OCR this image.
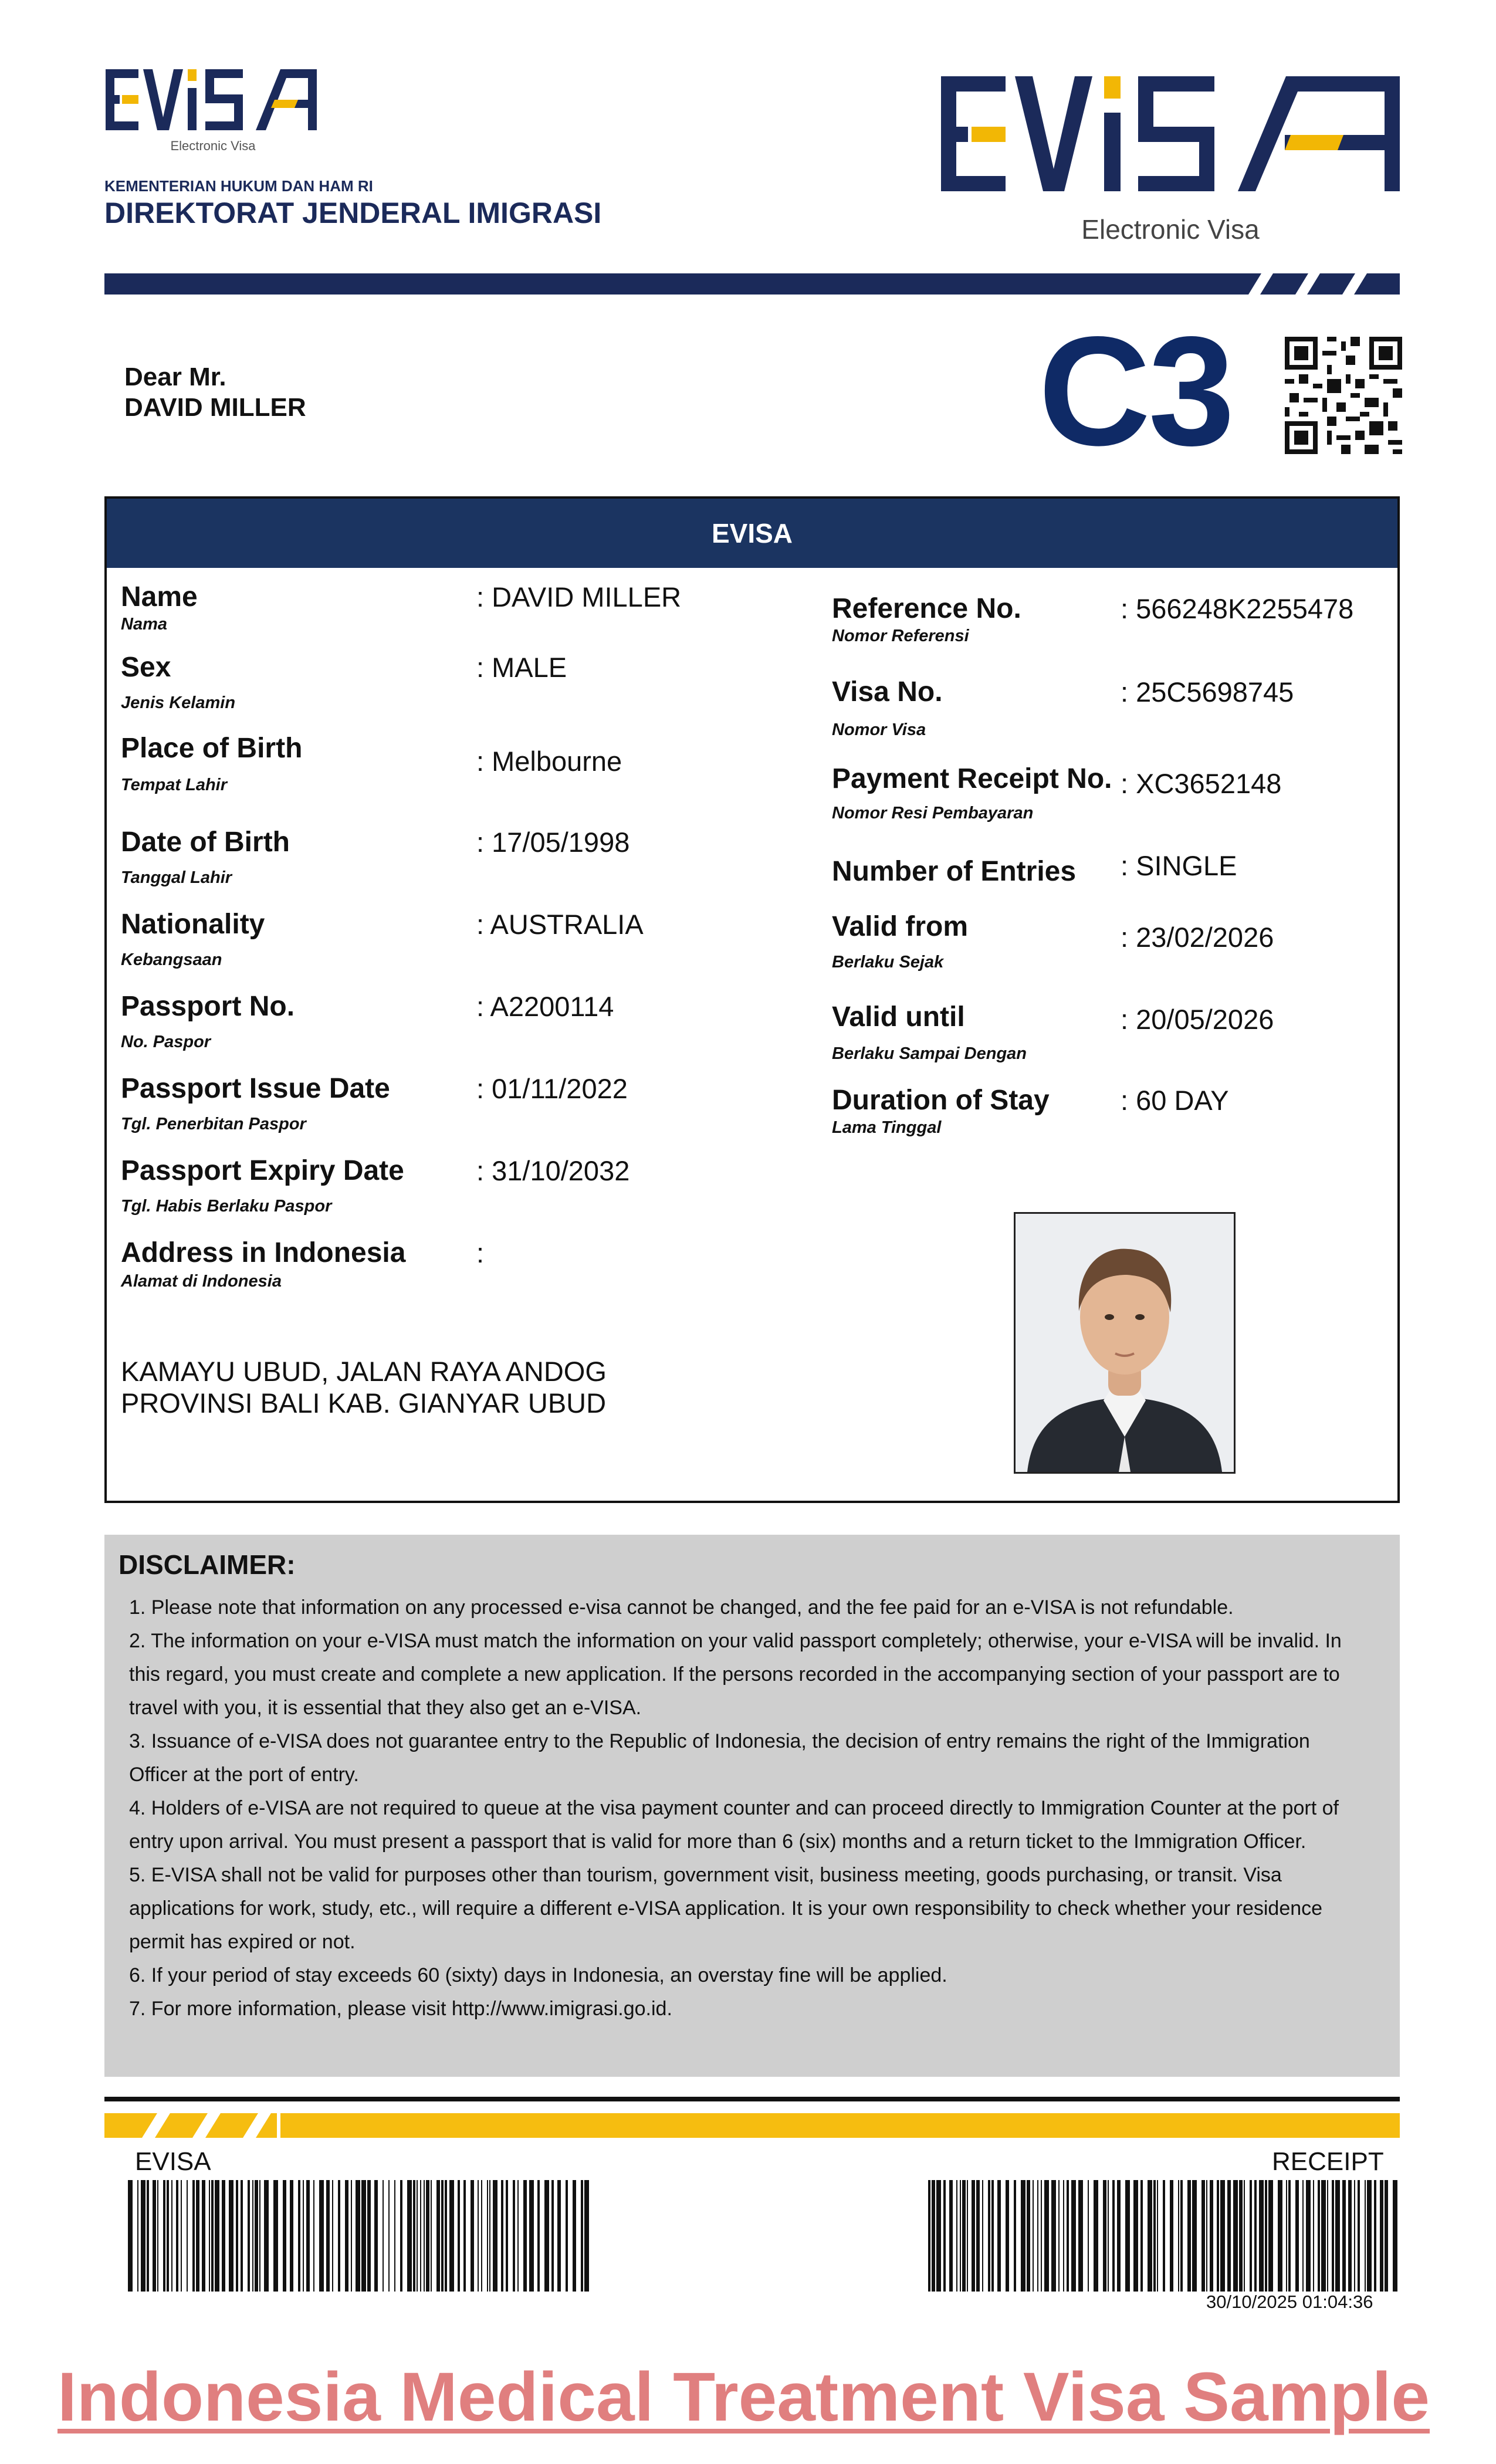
Electronic Visa
KEMENTERIAN HUKUM DAN HAM RI
DIREKTORAT JENDERAL IMIGRASI	Electronic Visa
Dear Mr.
DAVID MILLER	C3
EVISA
Name
Nama
: DAVID MILLER
Sex
Jenis Kelamin
: MALE
Place of Birth
Tempat Lahir
: Melbourne
Date of Birth
Tanggal Lahir
: 17/05/1998
Nationality
Kebangsaan
: AUSTRALIA
Passport No.
No. Paspor
: A2200114
Passport Issue Date
Tgl. Penerbitan Paspor
: 01/11/2022
Passport Expiry Date
Tgl. Habis Berlaku Paspor
: 31/10/2032
Address in Indonesia
Alamat di Indonesia
:
KAMAYU UBUD, JALAN RAYA ANDOG
PROVINSI BALI KAB. GIANYAR UBUD
Reference No.
Nomor Referensi
: 566248K2255478
Visa No.
Nomor Visa
: 25C5698745
Payment Receipt No.
Nomor Resi Pembayaran
: XC3652148
Number of Entries : SINGLE
Valid from
Berlaku Sejak
: 23/02/2026
Valid until
Berlaku Sampai Dengan
: 20/05/2026
Duration of Stay
Lama Tinggal
: 60 DAY
DISCLAIMER:

1. Please note that information on any processed e-visa cannot be changed, and the fee paid for an e-VISA is not refundable.

2. The information on your e-VISA must match the information on your valid passport completely; otherwise, your e-VISA will be invalid. In this regard, you must create and complete a new application. If the persons recorded in the accompanying section of your passport are to travel with you, it is essential that they also get an e-VISA.

3. Issuance of e-VISA does not guarantee entry to the Republic of Indonesia, the decision of entry remains the right of the Immigration Officer at the port of entry.

4. Holders of e-VISA are not required to queue at the visa payment counter and can proceed directly to Immigration Counter at the port of entry upon arrival. You must present a passport that is valid for more than 6 (six) months and a return ticket to the Immigration Officer.

5. E-VISA shall not be valid for purposes other than tourism, government visit, business meeting, goods purchasing, or transit. Visa applications for work, study, etc., will require a different e-VISA application. It is your own responsibility to check whether your residence permit has expired or not.

6. If your period of stay exceeds 60 (sixty) days in Indonesia, an overstay fine will be applied.

7. For more information, please visit http://www.imigrasi.go.id.

EVISA	RECEIPT
30/10/2025 01:04:36
Indonesia Medical Treatment Visa Sample
